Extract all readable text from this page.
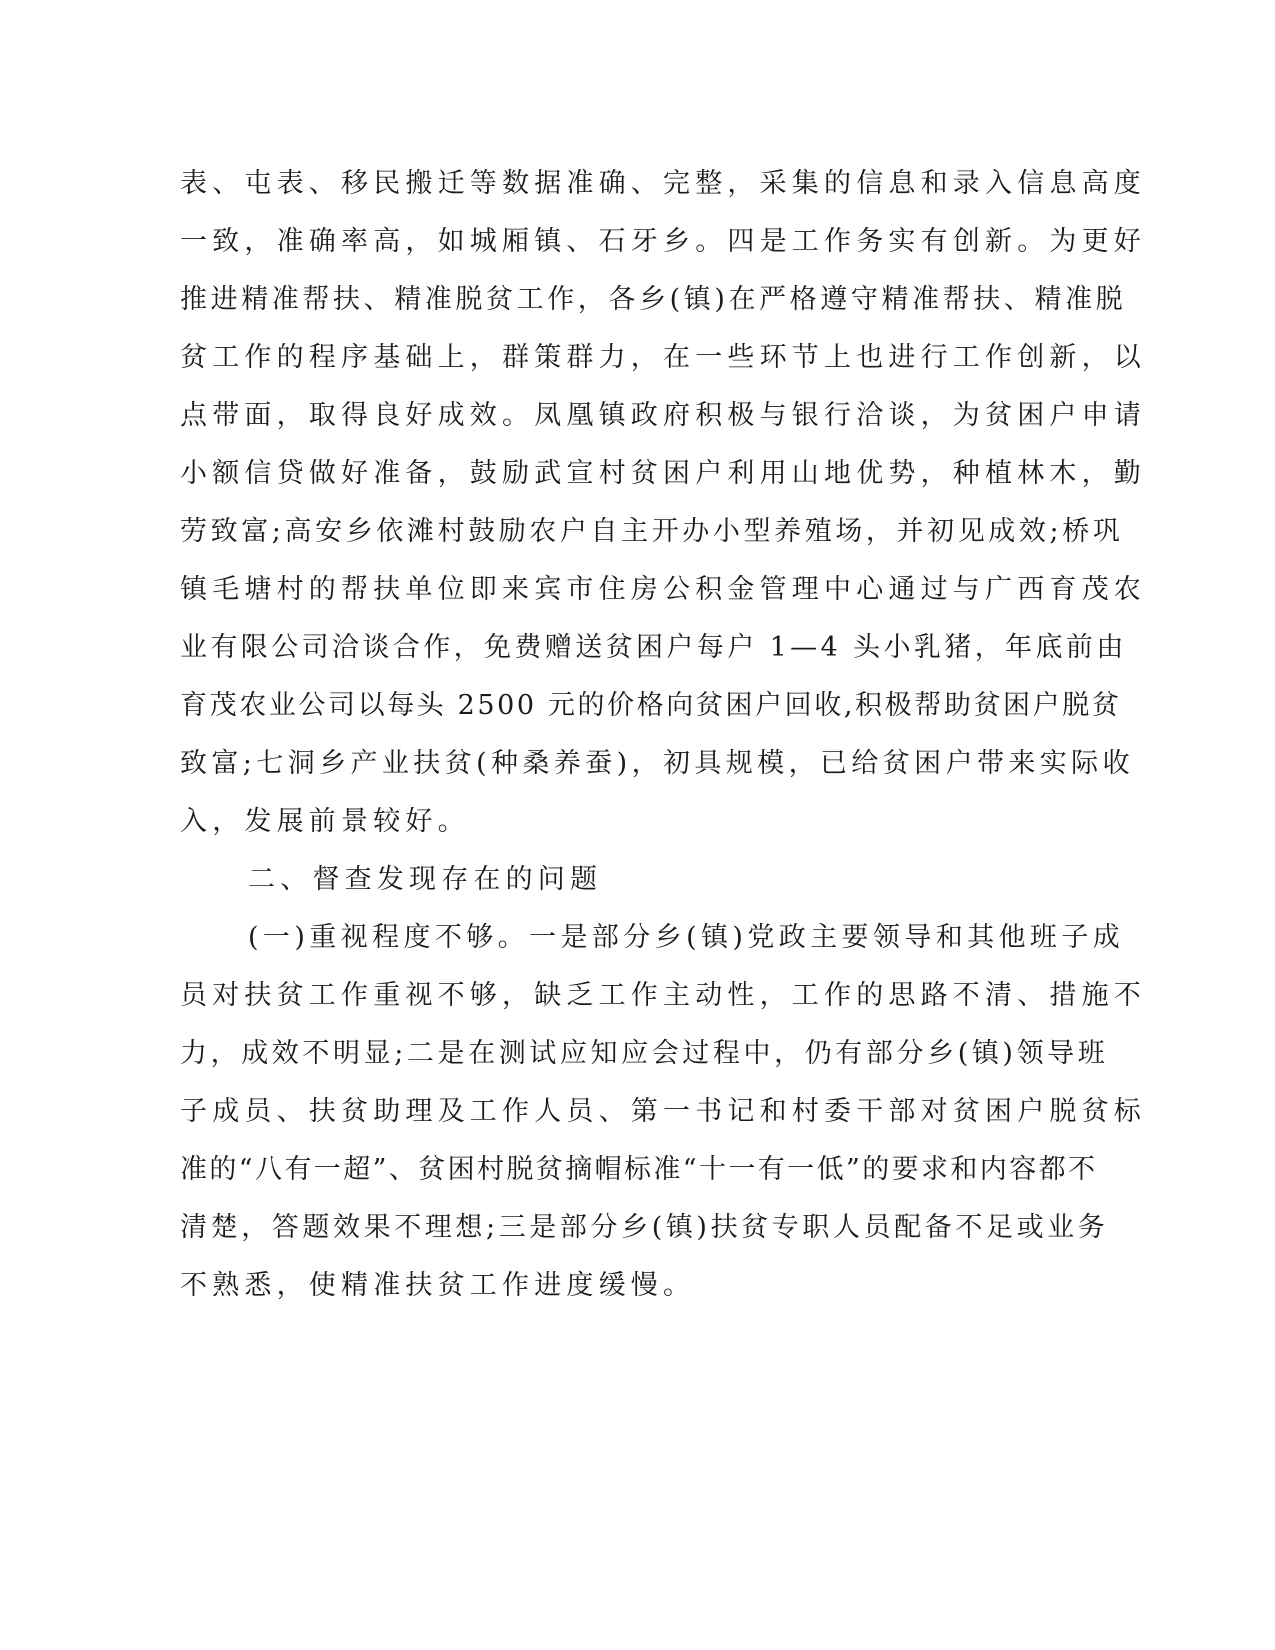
表、屯表、移民搬迁等数据准确、完整，采集的信息和录入信息高度
一致，准确率高，如城厢镇、石牙乡。四是工作务实有创新。为更好
推进精准帮扶、精准脱贫工作，各乡(镇)在严格遵守精准帮扶、精准脱
贫工作的程序基础上，群策群力，在一些环节上也进行工作创新，以
点带面，取得良好成效。凤凰镇政府积极与银行洽谈，为贫困户申请
小额信贷做好准备，鼓励武宣村贫困户利用山地优势，种植林木，勤
劳致富;高安乡依滩村鼓励农户自主开办小型养殖场，并初见成效;桥巩
镇毛塘村的帮扶单位即来宾市住房公积金管理中心通过与广西育茂农
业有限公司洽谈合作，免费赠送贫困户每户 1—4 头小乳猪，年底前由
育茂农业公司以每头 2500 元的价格向贫困户回收,积极帮助贫困户脱贫
致富;七洞乡产业扶贫(种桑养蚕)，初具规模，已给贫困户带来实际收
入，发展前景较好。
二、督查发现存在的问题
(一)重视程度不够。一是部分乡(镇)党政主要领导和其他班子成
员对扶贫工作重视不够，缺乏工作主动性，工作的思路不清、措施不
力，成效不明显;二是在测试应知应会过程中，仍有部分乡(镇)领导班
子成员、扶贫助理及工作人员、第一书记和村委干部对贫困户脱贫标
准的“八有一超”、贫困村脱贫摘帽标准“十一有一低”的要求和内容都不
清楚，答题效果不理想;三是部分乡(镇)扶贫专职人员配备不足或业务
不熟悉，使精准扶贫工作进度缓慢。
